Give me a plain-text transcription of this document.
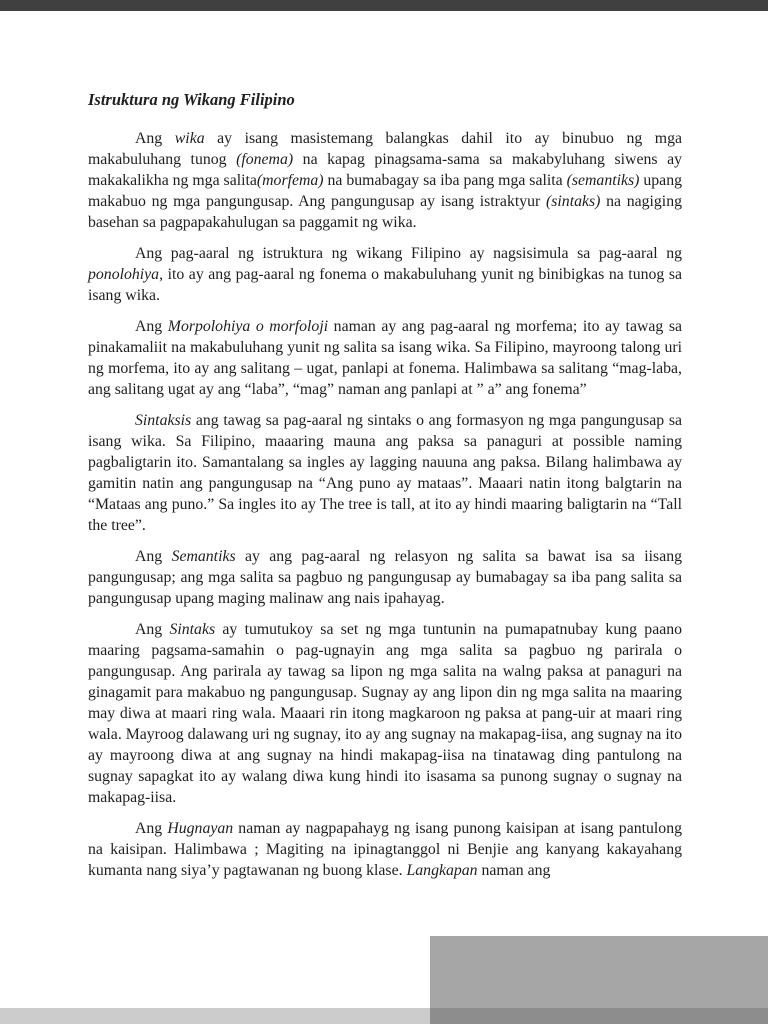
Istruktura ng Wikang Filipino

Ang wika ay isang masistemang balangkas dahil ito ay binubuo ng mga makabuluhang tunog (fonema) na kapag pinagsama-sama sa makabyluhang siwens ay makakalikha ng mga salita(morfema) na bumabagay sa iba pang mga salita (semantiks) upang makabuo ng mga pangungusap. Ang pangungusap ay isang istraktyur (sintaks) na nagiging basehan sa pagpapakahulugan sa paggamit ng wika.

Ang pag-aaral ng istruktura ng wikang Filipino ay nagsisimula sa pag-aaral ng ponolohiya, ito ay ang pag-aaral ng fonema o makabuluhang yunit ng binibigkas na tunog sa isang wika.

Ang Morpolohiya o morfoloji naman ay ang pag-aaral ng morfema; ito ay tawag sa pinakamaliit na makabuluhang yunit ng salita sa isang wika. Sa Filipino, mayroong talong uri ng morfema, ito ay ang salitang – ugat, panlapi at fonema. Halimbawa sa salitang “mag-laba, ang salitang ugat ay ang “laba”, “mag” naman ang panlapi at ” a” ang fonema”

Sintaksis ang tawag sa pag-aaral ng sintaks o ang formasyon ng mga pangungusap sa isang wika. Sa Filipino, maaaring mauna ang paksa sa panaguri at possible naming pagbaligtarin ito. Samantalang sa ingles ay lagging nauuna ang paksa. Bilang halimbawa ay gamitin natin ang pangungusap na “Ang puno ay mataas”. Maaari natin itong balgtarin na “Mataas ang puno.” Sa ingles ito ay The tree is tall, at ito ay hindi maaring baligtarin na “Tall the tree”.

Ang Semantiks ay ang pag-aaral ng relasyon ng salita sa bawat isa sa iisang pangungusap; ang mga salita sa pagbuo ng pangungusap ay bumabagay sa iba pang salita sa pangungusap upang maging malinaw ang nais ipahayag.

Ang Sintaks ay tumutukoy sa set ng mga tuntunin na pumapatnubay kung paano maaring pagsama-samahin o pag-ugnayin ang mga salita sa pagbuo ng parirala o pangungusap. Ang parirala ay tawag sa lipon ng mga salita na walng paksa at panaguri na ginagamit para makabuo ng pangungusap. Sugnay ay ang lipon din ng mga salita na maaring may diwa at maari ring wala. Maaari rin itong magkaroon ng paksa at pang-uir at maari ring wala. Mayroog dalawang uri ng sugnay, ito ay ang sugnay na makapag-iisa, ang sugnay na ito ay mayroong diwa at ang sugnay na hindi makapag-iisa na tinatawag ding pantulong na sugnay sapagkat ito ay walang diwa kung hindi ito isasama sa punong sugnay o sugnay na makapag-iisa.

Ang Hugnayan naman ay nagpapahayg ng isang punong kaisipan at isang pantulong na kaisipan. Halimbawa ; Magiting na ipinagtanggol ni Benjie ang kanyang kakayahang kumanta nang siya’y pagtawanan ng buong klase. Langkapan naman ang
